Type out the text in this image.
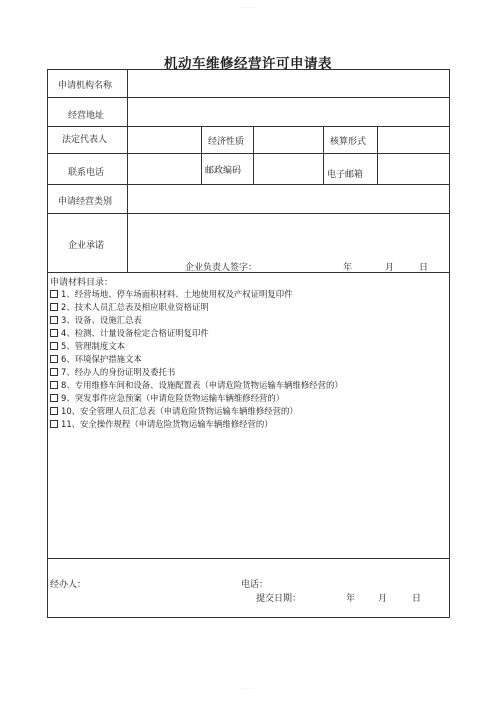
· · · · · · · · ·
机动车维修经营许可申请表
申请机构名称
经营地址
法定代表人	经济性质	核算形式
联系电话	邮政编码	电子邮箱
申请经营类别
企业承诺
企业负责人签字：	年	月	日
申请材料目录：
1、经营场地、停车场面积材料、土地使用权及产权证明复印件
2、技术人员汇总表及相应职业资格证明
3、设备、设施汇总表
4、检测、计量设备检定合格证明复印件
5、管理制度文本
6、环境保护措施文本
7、经办人的身份证明及委托书
8、专用维修车间和设备、设施配置表（申请危险货物运输车辆维修经营的）
9、突发事件应急预案（申请危险货物运输车辆维修经营的）
10、安全管理人员汇总表（申请危险货物运输车辆维修经营的）
11、安全操作规程（申请危险货物运输车辆维修经营的）
经办人：	电话：
提交日期：	年	月	日
· · · · · ·
